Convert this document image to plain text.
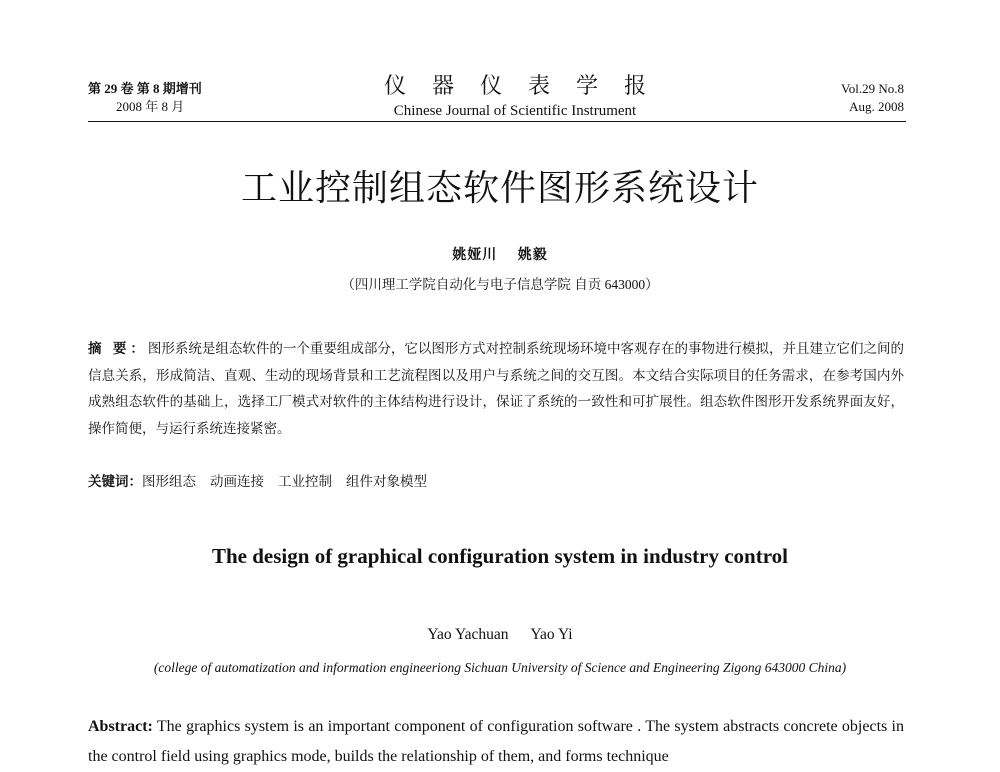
第 29 卷 第 8 期增刊
2008 年 8 月
仪器仪表学报
Chinese Journal of Scientific Instrument
Vol.29 No.8
Aug. 2008
工业控制组态软件图形系统设计
姚娅川 姚毅
（四川理工学院自动化与电子信息学院 自贡 643000）
摘 要：图形系统是组态软件的一个重要组成部分，它以图形方式对控制系统现场环境中客观存在的事物进行模拟，并且建立它们之间的信息关系，形成简洁、直观、生动的现场背景和工艺流程图以及用户与系统之间的交互图。本文结合实际项目的任务需求，在参考国内外成熟组态软件的基础上，选择工厂模式对软件的主体结构进行设计，保证了系统的一致性和可扩展性。组态软件图形开发系统界面友好，操作简便，与运行系统连接紧密。
关键词：图形组态 动画连接 工业控制 组件对象模型
The design of graphical configuration system in industry control
Yao Yachuan Yao Yi
(college of automatization and information engineeriong Sichuan University of Science and Engineering Zigong 643000 China)
Abstract: The graphics system is an important component of configuration software . The system abstracts concrete objects in the control field using graphics mode, builds the relationship of them, and forms technique
